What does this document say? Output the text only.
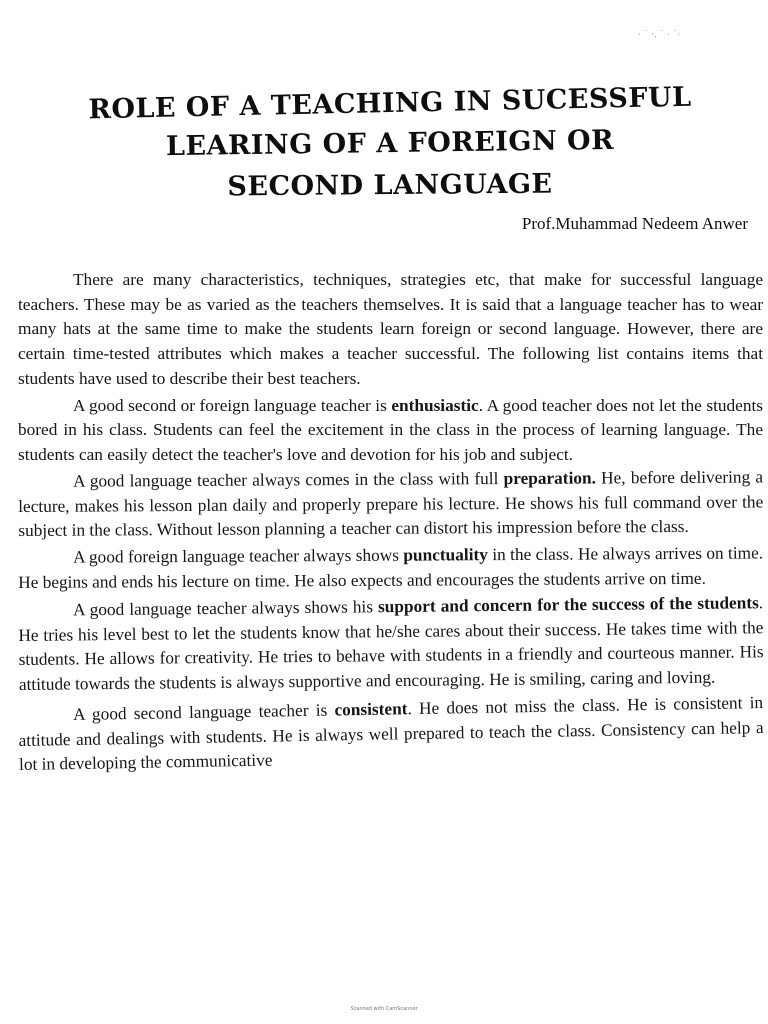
· ˙ ·. ˙ · ˙·
ROLE OF A TEACHING IN SUCESSFUL
LEARING OF A FOREIGN OR
SECOND LANGUAGE
Prof.Muhammad Nedeem Anwer

There are many characteristics, techniques, strategies etc, that make for successful language teachers. These may be as varied as the teachers themselves. It is said that a language teacher has to wear many hats at the same time to make the students learn foreign or second language. However, there are certain time-tested attributes which makes a teacher successful. The following list contains items that students have used to describe their best teachers.

A good second or foreign language teacher is enthusiastic. A good teacher does not let the students bored in his class. Students can feel the excitement in the class in the process of learning language. The students can easily detect the teacher's love and devotion for his job and subject.

A good language teacher always comes in the class with full preparation. He, before delivering a lecture, makes his lesson plan daily and properly prepare his lecture. He shows his full command over the subject in the class. Without lesson planning a teacher can distort his impression before the class.

A good foreign language teacher always shows punctuality in the class. He always arrives on time. He begins and ends his lecture on time. He also expects and encourages the students arrive on time.

A good language teacher always shows his support and concern for the success of the students. He tries his level best to let the students know that he/she cares about their success. He takes time with the students. He allows for creativity. He tries to behave with students in a friendly and courteous manner. His attitude towards the students is always supportive and encouraging. He is smiling, caring and loving.

A good second language teacher is consistent. He does not miss the class. He is consistent in attitude and dealings with students. He is always well prepared to teach the class. Consistency can help a lot in developing the communicative

Scanned with CamScanner
